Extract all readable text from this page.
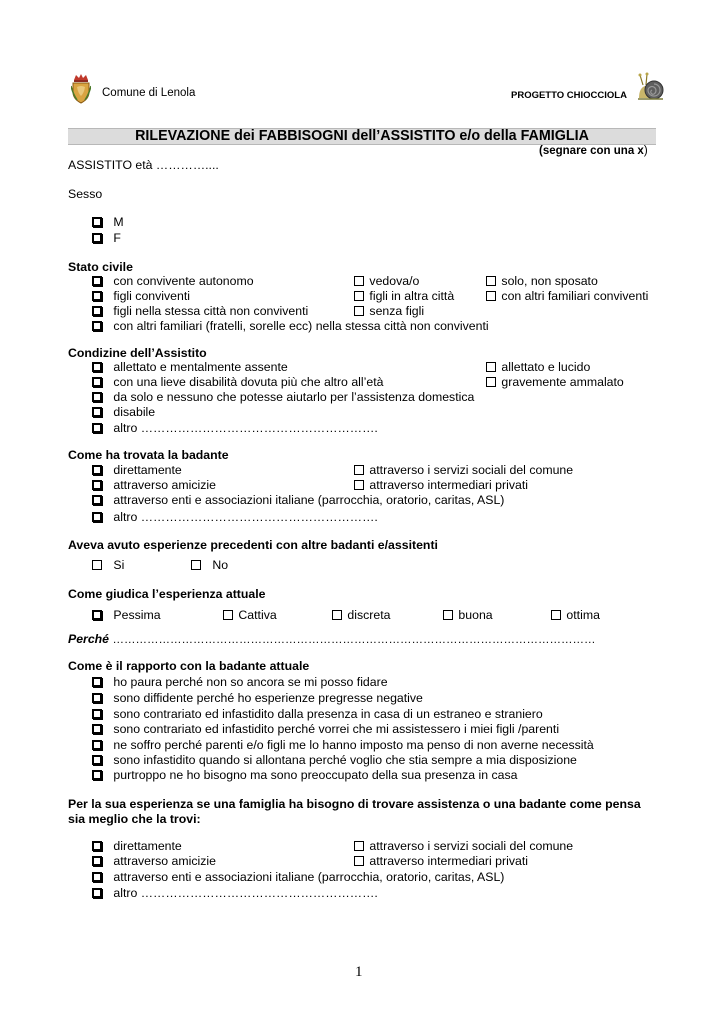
Comune di Lenola	PROGETTO CHIOCCIOLA
RILEVAZIONE dei FABBISOGNI dell’ASSISTITO e/o della FAMIGLIA
(segnare con una x)
ASSISTITO età …………....
Sesso
M
F
Stato civile
con convivente autonomo
figli conviventi
figli nella stessa città non conviventi
con altri familiari (fratelli, sorelle ecc) nella stessa città non conviventi
vedova/o
figli in altra città
senza figli
solo, non sposato
con altri familiari conviventi
Condizine dell’Assistito
allettato e mentalmente assente
con una lieve disabilità dovuta più che altro all’età
da solo e nessuno che potesse aiutarlo per l’assistenza domestica
disabile
altro ………………………………………………….
allettato e lucido
gravemente ammalato
Come ha trovata la badante
direttamente
attraverso amicizie
attraverso enti e associazioni italiane (parrocchia, oratorio, caritas, ASL)
altro ………………………………………………….
attraverso i servizi sociali del comune
attraverso intermediari privati
Aveva avuto esperienze precedenti con altre badanti e/assitenti
Si	No
Come giudica l’esperienza attuale
Pessima	Cattiva	discreta	buona	ottima
Perché ………………………………………………………………………………………………………………
Come è il rapporto con la badante attuale
ho paura perché non so ancora se mi posso fidare
sono diffidente perché ho esperienze pregresse negative
sono contrariato ed infastidito dalla presenza in casa di un estraneo e straniero
sono contrariato ed infastidito perché vorrei che mi assistessero i miei figli /parenti
ne soffro perché parenti e/o figli me lo hanno imposto ma penso di non averne necessità
sono infastidito quando si allontana perché voglio che stia sempre a mia disposizione
purtroppo ne ho bisogno ma sono preoccupato della sua presenza in casa
Per la sua esperienza se una famiglia ha bisogno di trovare assistenza o una badante come pensa
sia meglio che la trovi:
direttamente
attraverso amicizie
attraverso enti e associazioni italiane (parrocchia, oratorio, caritas, ASL)
altro ………………………………………………….
attraverso i servizi sociali del comune
attraverso intermediari privati
1
